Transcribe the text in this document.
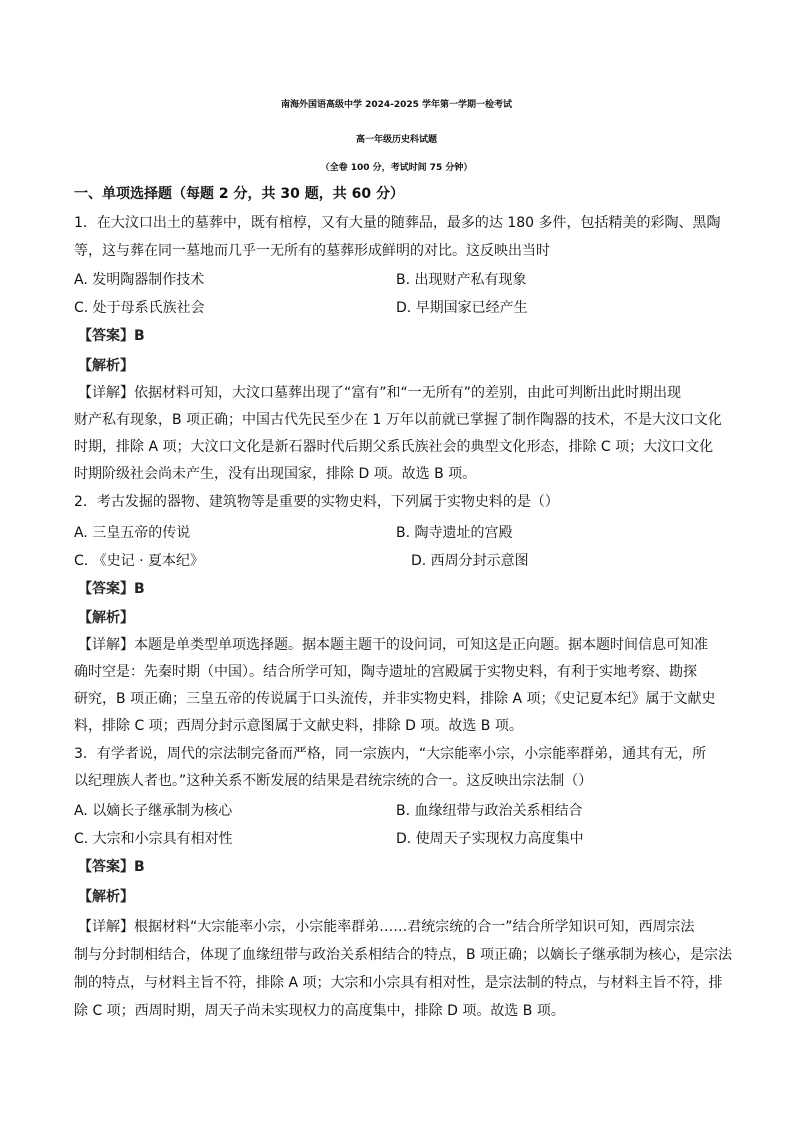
南海外国语高级中学 2024-2025 学年第一学期一检考试
高一年级历史科试题
（全卷 100 分，考试时间 75 分钟）
一、单项选择题（每题 2 分，共 30 题，共 60 分）
1．在大汶口出土的墓葬中，既有棺椁，又有大量的随葬品，最多的达 180 多件，包括精美的彩陶、黑陶
等，这与葬在同一墓地而几乎一无所有的墓葬形成鲜明的对比。这反映出当时
A. 发明陶器制作技术	B. 出现财产私有现象
C. 处于母系氏族社会	D. 早期国家已经产生
【答案】B
【解析】
【详解】依据材料可知，大汶口墓葬出现了“富有”和“一无所有”的差别，由此可判断出此时期出现
财产私有现象，B 项正确；中国古代先民至少在 1 万年以前就已掌握了制作陶器的技术，不是大汶口文化
时期，排除 A 项；大汶口文化是新石器时代后期父系氏族社会的典型文化形态，排除 C 项；大汶口文化
时期阶级社会尚未产生，没有出现国家，排除 D 项。故选 B 项。
2．考古发掘的器物、建筑物等是重要的实物史料，下列属于实物史料的是（）
A. 三皇五帝的传说	B. 陶寺遗址的宫殿
C. 《史记 · 夏本纪》	D. 西周分封示意图
【答案】B
【解析】
【详解】本题是单类型单项选择题。据本题主题干的设问词，可知这是正向题。据本题时间信息可知准
确时空是：先秦时期（中国）。结合所学可知，陶寺遗址的宫殿属于实物史料，有利于实地考察、勘探
研究，B 项正确；三皇五帝的传说属于口头流传，并非实物史料，排除 A 项；《史记夏本纪》属于文献史
料，排除 C 项；西周分封示意图属于文献史料，排除 D 项。故选 B 项。
3．有学者说，周代的宗法制完备而严格，同一宗族内，“大宗能率小宗，小宗能率群弟，通其有无，所
以纪理族人者也。”这种关系不断发展的结果是君统宗统的合一。这反映出宗法制（）
A. 以嫡长子继承制为核心	B. 血缘纽带与政治关系相结合
C. 大宗和小宗具有相对性	D. 使周天子实现权力高度集中
【答案】B
【解析】
【详解】根据材料“大宗能率小宗，小宗能率群弟……君统宗统的合一”结合所学知识可知，西周宗法
制与分封制相结合，体现了血缘纽带与政治关系相结合的特点，B 项正确；以嫡长子继承制为核心，是宗法
制的特点，与材料主旨不符，排除 A 项；大宗和小宗具有相对性，是宗法制的特点，与材料主旨不符，排
除 C 项；西周时期，周天子尚未实现权力的高度集中，排除 D 项。故选 B 项。
